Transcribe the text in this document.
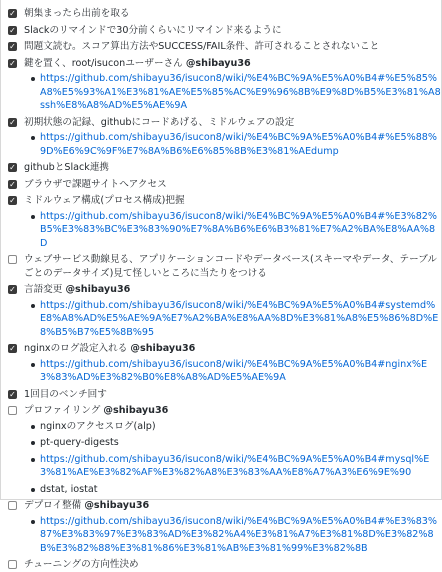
✓ 朝集まったら出前を取る
✓ Slackのリマインドで30分前くらいにリマインド来るように
✓ 問題文読む。スコア算出方法やSUCCESS/FAIL条件、許可されることされないこと
✓ 鍵を置く、root/isuconユーザーさん @shibayu36
https://github.com/shibayu36/isucon8/wiki/%E4%BC%9A%E5%A0%B4#%E5%85%A8%E5%93%A1%E3%81%AE%E5%85%AC%E9%96%8B%E9%8D%B5%E3%81%A8ssh%E8%A8%AD%E5%AE%9A
✓ 初期状態の記録、githubにコードあげる、ミドルウェアの設定
https://github.com/shibayu36/isucon8/wiki/%E4%BC%9A%E5%A0%B4#%E5%88%9D%E6%9C%9F%E7%8A%B6%E6%85%8B%E3%81%AEdump
✓ githubとSlack連携
✓ ブラウザで課題サイトへアクセス
✓ ミドルウェア構成(プロセス構成)把握
https://github.com/shibayu36/isucon8/wiki/%E4%BC%9A%E5%A0%B4#%E3%82%B5%E3%83%BC%E3%83%90%E7%8A%B6%E6%B3%81%E7%A2%BA%E8%AA%8D
ウェブサービス動線見る、アプリケーションコードやデータベース(スキーマやデータ、テーブルごとのデータサイズ)見て怪しいところに当たりをつける
✓ 言語変更 @shibayu36
https://github.com/shibayu36/isucon8/wiki/%E4%BC%9A%E5%A0%B4#systemd%E8%A8%AD%E5%AE%9A%E7%A2%BA%E8%AA%8D%E3%81%A8%E5%86%8D%E8%B5%B7%E5%8B%95
✓ nginxのログ設定入れる @shibayu36
https://github.com/shibayu36/isucon8/wiki/%E4%BC%9A%E5%A0%B4#nginx%E3%83%AD%E3%82%B0%E8%A8%AD%E5%AE%9A
✓ 1回目のベンチ回す
プロファイリング @shibayu36
nginxのアクセスログ(alp)
pt-query-digests
https://github.com/shibayu36/isucon8/wiki/%E4%BC%9A%E5%A0%B4#mysql%E3%81%AE%E3%82%AF%E3%82%A8%E3%83%AA%E8%A7%A3%E6%9E%90
dstat, iostat
デプロイ整備 @shibayu36
https://github.com/shibayu36/isucon8/wiki/%E4%BC%9A%E5%A0%B4#%E3%83%87%E3%83%97%E3%83%AD%E3%82%A4%E3%81%A7%E3%81%8D%E3%82%8B%E3%82%88%E3%81%86%E3%81%AB%E3%81%99%E3%82%8B
チューニングの方向性決め
